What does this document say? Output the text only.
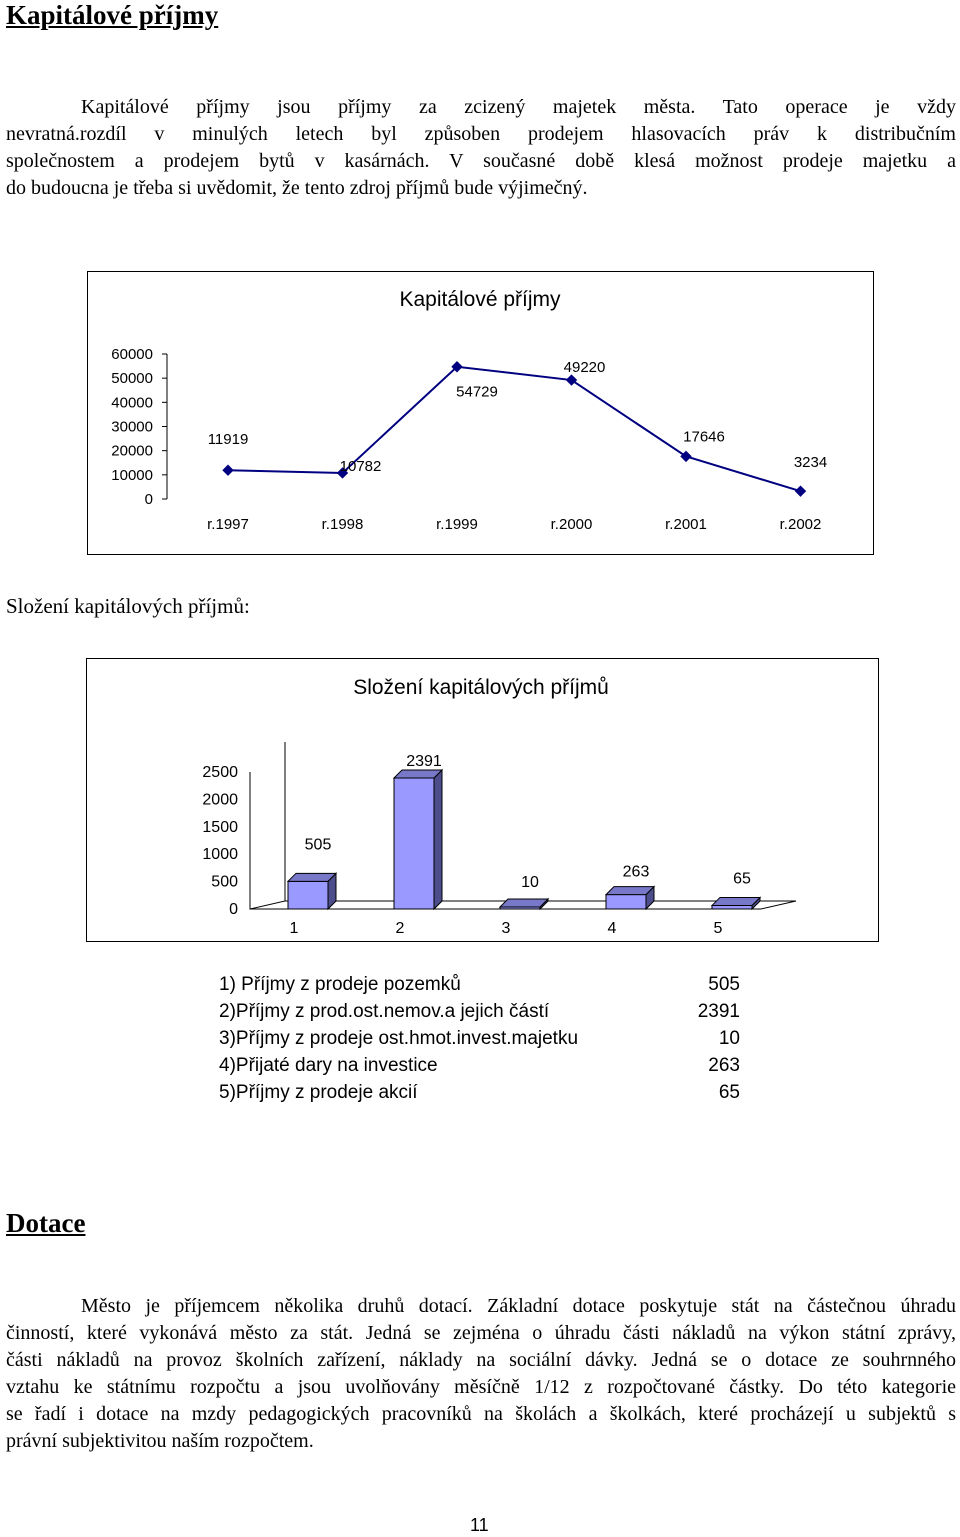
Kapitálové příjmy
Kapitálové příjmy jsou příjmy za zcizený majetek města. Tato operace je vždy
nevratná.rozdíl v minulých letech byl způsoben prodejem hlasovacích práv k distribučním
společnostem a prodejem bytů v kasárnách. V současné době klesá možnost prodeje majetku a
do budoucna je třeba si uvědomit, že tento zdroj příjmů bude výjimečný.
Kapitálové příjmy
0
10000
20000
30000
40000
50000
60000
r.1997	r.1998	r.1999	r.2000	r.2001	r.2002
11919
10782
54729
49220
17646
3234
Složení kapitálových příjmů:
Složení kapitálových příjmů
0
500
1000
1500
2000
2500
1	2	3	4	5
505
2391
10
263	65
1) Příjmy z prodeje pozemků	505
2)Příjmy z prod.ost.nemov.a jejich částí	2391
3)Příjmy z prodeje ost.hmot.invest.majetku	10
4)Přijaté dary na investice	263
5)Příjmy z prodeje akcií	65
Dotace
Město je příjemcem několika druhů dotací. Základní dotace poskytuje stát na částečnou úhradu
činností, které vykonává město za stát. Jedná se zejména o úhradu části nákladů na výkon státní zprávy,
části nákladů na provoz školních zařízení, náklady na sociální dávky. Jedná se o dotace ze souhrnného
vztahu ke státnímu rozpočtu a jsou uvolňovány měsíčně 1/12 z rozpočtované částky. Do této kategorie
se řadí i dotace na mzdy pedagogických pracovníků na školách a školkách, které procházejí u subjektů s
právní subjektivitou naším rozpočtem.
11
